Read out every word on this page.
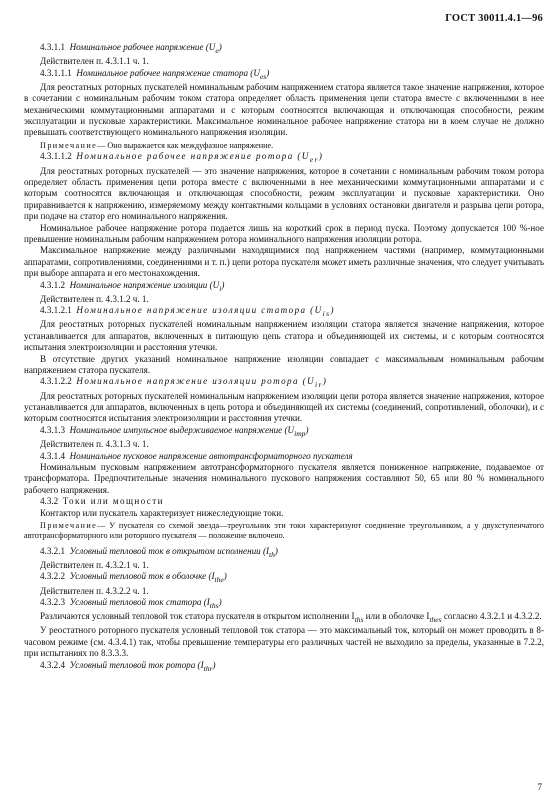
ГОСТ 30011.4.1—96

4.3.1.1 Номинальное рабочее напряжение $(U_e)$

Действителен п. 4.3.1.1 ч. 1.

4.3.1.1.1 Номинальное рабочее напряжение статора $(U_{es})$

Для реостатных роторных пускателей номинальным рабочим напряжением статора является такое значение напряжения, которое в сочетании с номинальным рабочим током статора определяет область применения цепи статора вместе с включенными в нее механическими коммутационными аппаратами и с которым соотносятся включающая и отключающая способности, режим эксплуатации и пусковые характеристики. Максимальное номинальное рабочее напряжение статора ни в коем случае не должно превышать соответствующего номинального напряжения изоляции.

Примечание— Оно выражается как междуфазное напряжение.

4.3.1.1.2 Номинальное рабочее напряжение ротора $(U_{er})$

Для реостатных роторных пускателей — это значение напряжения, которое в сочетании с номинальным рабочим током ротора определяет область применения цепи ротора вместе с включенными в нее механическими коммутационными аппаратами и с которым соотносятся включающая и отключающая способности, режим эксплуатации и пусковые характеристики. Оно приравнивается к напряжению, измеряемому между контактными кольцами в условиях остановки двигателя и разрыва цепи ротора, при подаче на статор его номинального напряжения.

Номинальное рабочее напряжение ротора подается лишь на короткий срок в период пуска. Поэтому допускается 100 %-ное превышение номинальным рабочим напряжением ротора номинального напряжения изоляции ротора.

Максимальное напряжение между различными находящимися под напряжением частями (например, коммутационными аппаратами, сопротивлениями, соединениями и т. п.) цепи ротора пускателя может иметь различные значения, что следует учитывать при выборе аппарата и его местонахождения.

4.3.1.2 Номинальное напряжение изоляции $(U_i)$

Действителен п. 4.3.1.2 ч. 1.

4.3.1.2.1 Номинальное напряжение изоляции статора $(U_{is})$

Для реостатных роторных пускателей номинальным напряжением изоляции статора является значение напряжения, которое устанавливается для аппаратов, включенных в питающую цепь статора и объединяющей их системы, и с которым соотносятся испытания электроизоляции и расстояния утечки.

В отсутствие других указаний номинальное напряжение изоляции совпадает с максимальным номинальным рабочим напряжением статора пускателя.

4.3.1.2.2 Номинальное напряжение изоляции ротора $(U_{ir})$

Для реостатных роторных пускателей номинальным напряжением изоляции цепи ротора является значение напряжения, которое устанавливается для аппаратов, включенных в цепь ротора и объединяющей их системы (соединений, сопротивлений, оболочки), и с которым соотносятся испытания электроизоляции и расстояния утечки.

4.3.1.3 Номинальное импульсное выдерживаемое напряжение $(U_{imp})$

Действителен п. 4.3.1.3 ч. 1.

4.3.1.4 Номинальное пусковое напряжение автотрансформаторного пускателя

Номинальным пусковым напряжением автотрансформаторного пускателя является пониженное напряжение, подаваемое от трансформатора. Предпочтительные значения номинального пускового напряжения составляют 50, 65 или 80 % номинального рабочего напряжения.

4.3.2 Токи или мощности

Контактор или пускатель характеризует нижеследующие токи.

Примечание— У пускателя со схемой звезда—треугольник эти токи характеризуют соединение треугольником, а у двухступенчатого автотрансформаторного или роторного пускателя — положение включено.

4.3.2.1 Условный тепловой ток в открытом исполнении $(I_{th})$

Действителен п. 4.3.2.1 ч. 1.

4.3.2.2 Условный тепловой ток в оболочке $(I_{the})$

Действителен п. 4.3.2.2 ч. 1.

4.3.2.3 Условный тепловой ток статора $(I_{ths})$

Различаются условный тепловой ток статора пускателя в открытом исполнении $I_{ths}$ или в оболочке $I_{thes}$ согласно 4.3.2.1 и 4.3.2.2.

У реостатного роторного пускателя условный тепловой ток статора — это максимальный ток, который он может проводить в 8-часовом режиме (см. 4.3.4.1) так, чтобы превышение температуры его различных частей не выходило за пределы, указанные в 7.2.2, при испытаниях по 8.3.3.3.

4.3.2.4 Условный тепловой ток ротора $(I_{thr})$

7
